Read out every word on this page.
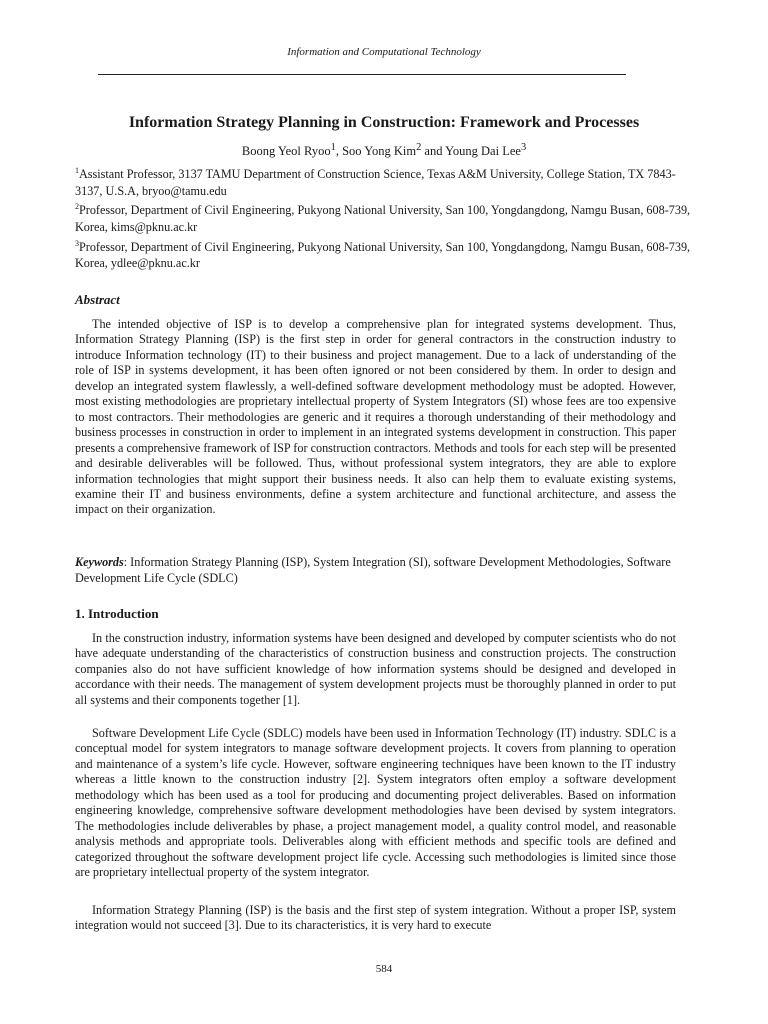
Information and Computational Technology
Information Strategy Planning in Construction: Framework and Processes
Boong Yeol Ryoo$^1$, Soo Yong Kim$^2$ and Young Dai Lee$^3$

$^1$Assistant Professor, 3137 TAMU Department of Construction Science, Texas A&M University, College Station, TX 7843-3137, U.S.A, bryoo@tamu.edu

$^2$Professor, Department of Civil Engineering, Pukyong National University, San 100, Yongdangdong, Namgu Busan, 608-739, Korea, kims@pknu.ac.kr

$^3$Professor, Department of Civil Engineering, Pukyong National University, San 100, Yongdangdong, Namgu Busan, 608-739, Korea, ydlee@pknu.ac.kr

Abstract

The intended objective of ISP is to develop a comprehensive plan for integrated systems development. Thus, Information Strategy Planning (ISP) is the first step in order for general contractors in the construction industry to introduce Information technology (IT) to their business and project management. Due to a lack of understanding of the role of ISP in systems development, it has been often ignored or not been considered by them. In order to design and develop an integrated system flawlessly, a well-defined software development methodology must be adopted. However, most existing methodologies are proprietary intellectual property of System Integrators (SI) whose fees are too expensive to most contractors. Their methodologies are generic and it requires a thorough understanding of their methodology and business processes in construction in order to implement in an integrated systems development in construction. This paper presents a comprehensive framework of ISP for construction contractors. Methods and tools for each step will be presented and desirable deliverables will be followed. Thus, without professional system integrators, they are able to explore information technologies that might support their business needs. It also can help them to evaluate existing systems, examine their IT and business environments, define a system architecture and functional architecture, and assess the impact on their organization.

Keywords: Information Strategy Planning (ISP), System Integration (SI), software Development Methodologies, Software Development Life Cycle (SDLC)

1. Introduction

In the construction industry, information systems have been designed and developed by computer scientists who do not have adequate understanding of the characteristics of construction business and construction projects. The construction companies also do not have sufficient knowledge of how information systems should be designed and developed in accordance with their needs. The management of system development projects must be thoroughly planned in order to put all systems and their components together [1].

Software Development Life Cycle (SDLC) models have been used in Information Technology (IT) industry. SDLC is a conceptual model for system integrators to manage software development projects. It covers from planning to operation and maintenance of a system’s life cycle. However, software engineering techniques have been known to the IT industry whereas a little known to the construction industry [2]. System integrators often employ a software development methodology which has been used as a tool for producing and documenting project deliverables. Based on information engineering knowledge, comprehensive software development methodologies have been devised by system integrators. The methodologies include deliverables by phase, a project management model, a quality control model, and reasonable analysis methods and appropriate tools. Deliverables along with efficient methods and specific tools are defined and categorized throughout the software development project life cycle. Accessing such methodologies is limited since those are proprietary intellectual property of the system integrator.

Information Strategy Planning (ISP) is the basis and the first step of system integration. Without a proper ISP, system integration would not succeed [3]. Due to its characteristics, it is very hard to execute

584
